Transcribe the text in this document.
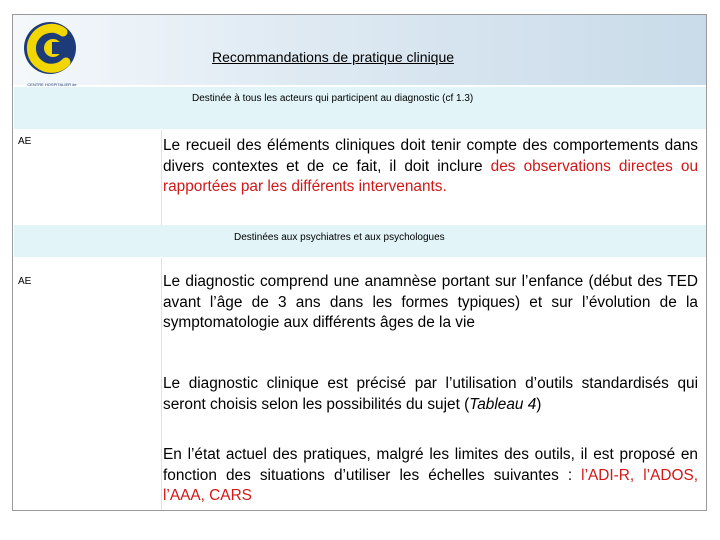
CENTRE HOSPITALIER de
Recommandations de pratique clinique
Destinée à tous les acteurs qui participent au diagnostic (cf 1.3)
AE	Le recueil des éléments cliniques doit tenir compte des comportements dans divers contextes et de ce fait, il doit inclure des observations directes ou rapportées par les différents intervenants.
Destinées aux psychiatres et aux psychologues
AE	Le diagnostic comprend une anamnèse portant sur l’enfance (début des TED avant l’âge de 3 ans dans les formes typiques) et sur l’évolution de la symptomatologie aux différents âges de la vie
Le diagnostic clinique est précisé par l’utilisation d’outils standardisés qui seront choisis selon les possibilités du sujet (Tableau 4)
En l’état actuel des pratiques, malgré les limites des outils, il est proposé en fonction des situations d’utiliser les échelles suivantes : l’ADI-R, l’ADOS, l’AAA, CARS
